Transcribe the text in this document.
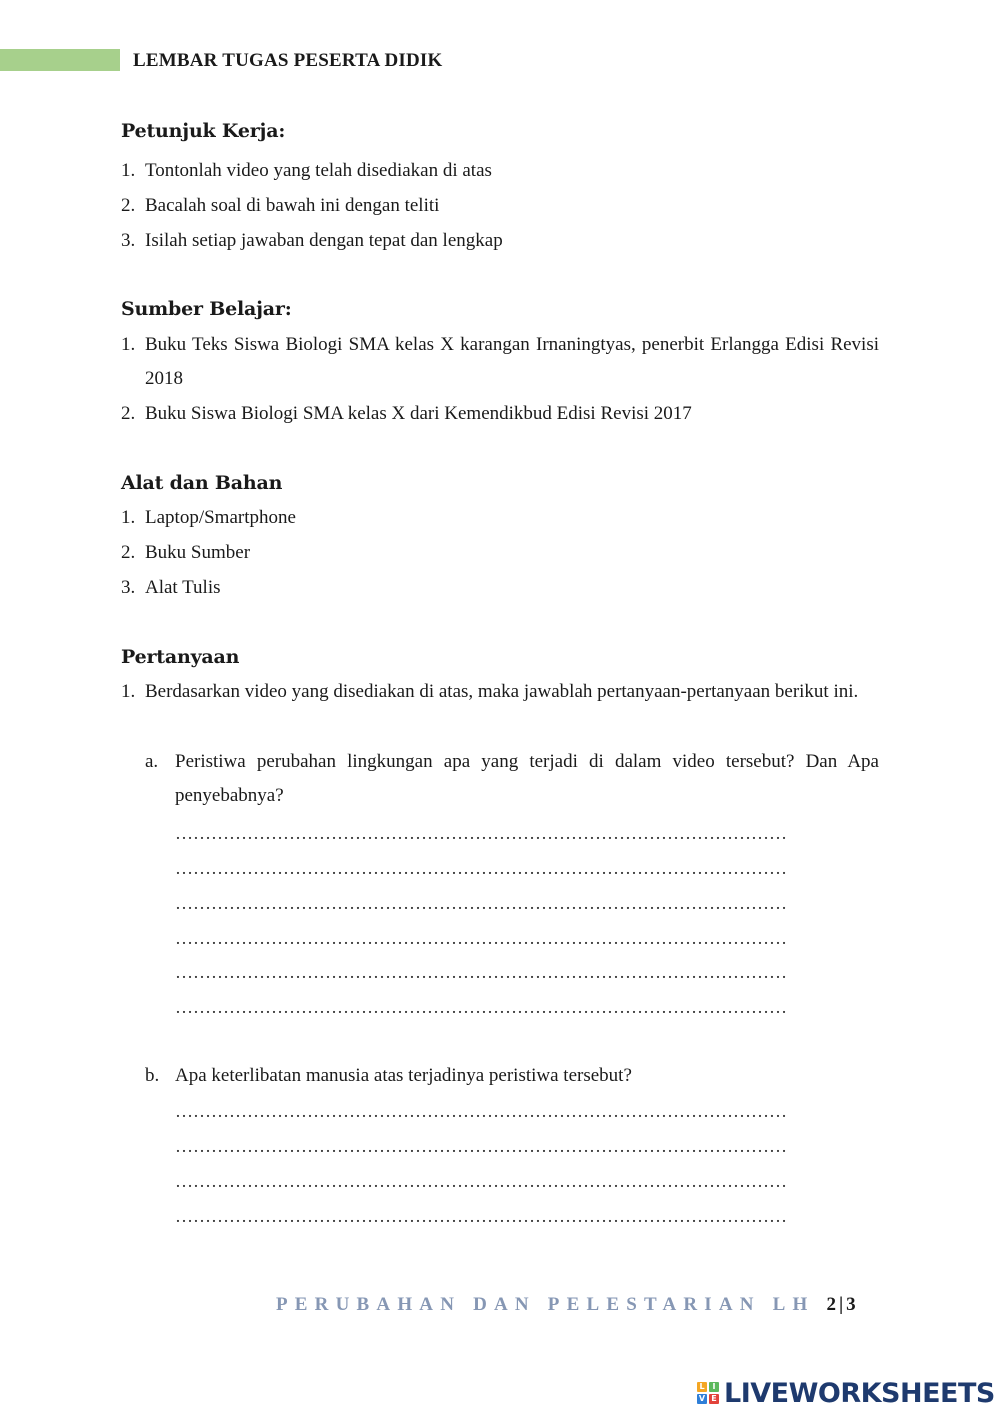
LEMBAR TUGAS PESERTA DIDIK
Petunjuk Kerja:
1. Tontonlah video yang telah disediakan di atas
2. Bacalah soal di bawah ini dengan teliti
3. Isilah setiap jawaban dengan tepat dan lengkap
Sumber Belajar:
1. Buku Teks Siswa Biologi SMA kelas X karangan Irnaningtyas, penerbit Erlangga Edisi Revisi 2018
2. Buku Siswa Biologi SMA kelas X dari Kemendikbud Edisi Revisi 2017
Alat dan Bahan
1. Laptop/Smartphone
2. Buku Sumber
3. Alat Tulis
Pertanyaan
1. Berdasarkan video yang disediakan di atas, maka jawablah pertanyaan-pertanyaan berikut ini.
a. Peristiwa perubahan lingkungan apa yang terjadi di dalam video tersebut? Dan Apa penyebabnya?
…………………………………………………………………………………………
…………………………………………………………………………………………
…………………………………………………………………………………………
…………………………………………………………………………………………
…………………………………………………………………………………………
…………………………………………………………………………………………
b. Apa keterlibatan manusia atas terjadinya peristiwa tersebut?
…………………………………………………………………………………………
…………………………………………………………………………………………
…………………………………………………………………………………………
…………………………………………………………………………………………
PERUBAHAN DAN PELESTARIAN LH 2|3
L I
V E LIVEWORKSHEETS
